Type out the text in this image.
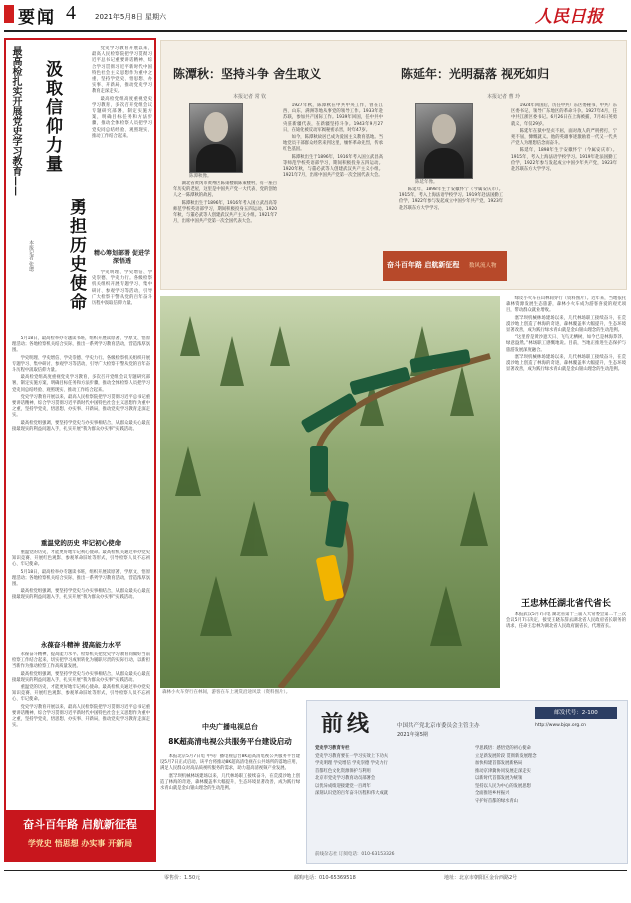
要闻 4	2021年5月8日 星期六	人民日报
最高检扎实开展党史学习教育—— 汲取信仰力量
勇担历史使命
本报记者 张璁

党史学习教育开展以来，最高人民检察院把学习贯彻习近平总书记重要讲话精神、综合学习贯彻习近平新时代中国特色社会主义思想作为重中之重，坚持学党史、悟思想、办实事、开新局，推动党史学习教育走深走实。

最高检党组高度重视党史学习教育，多次召开党组会议专题研究部署，制定实施方案，明确目标任务和方法步骤，推动全体检察人员把学习党史同总结经验、观照现实、推动工作结合起来。

精心筹划部署 促进学深悟透

学史明理、学史增信、学史崇德、学史力行。各级检察机关组织开展专题学习、集中研讨、参观学习等活动，引导广大检察干警从党的百年奋斗历程中汲取信仰力量。

5月18日，最高检举办专题读书班，组织开展读原著、学原文、悟原理活动；各地检察机关结合实际，推出一系列学习教育活动，营造浓厚氛围。

学史明理、学史增信、学史崇德、学史力行。各级检察机关组织开展专题学习、集中研讨、参观学习等活动，引导广大检察干警从党的百年奋斗历程中汲取信仰力量。

最高检党组高度重视党史学习教育，多次召开党组会议专题研究部署，制定实施方案，明确目标任务和方法步骤，推动全体检察人员把学习党史同总结经验、观照现实、推动工作结合起来。

党史学习教育开展以来，最高人民检察院把学习贯彻习近平总书记重要讲话精神、综合学习贯彻习近平新时代中国特色社会主义思想作为重中之重，坚持学党史、悟思想、办实事、开新局，推动党史学习教育走深走实。

最高检党组强调，要坚持学党史与办实事相结合，从群众最关心最直接最现实的利益问题入手，扎实开展“我为群众办实事”实践活动。

重温党的历史 牢记初心使命

重温党的历史，才能更好地牢记初心使命。最高检机关通过举办党史知识竞赛、开展红色观影、参观革命旧址等形式，引导检察人员不忘初心、牢记使命。

5月18日，最高检举办专题读书班，组织开展读原著、学原文、悟原理活动；各地检察机关结合实际，推出一系列学习教育活动，营造浓厚氛围。

最高检党组强调，要坚持学党史与办实事相结合，从群众最关心最直接最现实的利益问题入手，扎实开展“我为群众办实事”实践活动。

永葆奋斗精神 提高能力水平

永葆奋斗精神，提高能力水平。检察机关把党史学习教育同做好当前检察工作结合起来，切实把学习成果转化为履职尽责的实际行动，以新担当新作为推动检察工作高质量发展。

最高检党组强调，要坚持学党史与办实事相结合，从群众最关心最直接最现实的利益问题入手，扎实开展“我为群众办实事”实践活动。

重温党的历史，才能更好地牢记初心使命。最高检机关通过举办党史知识竞赛、开展红色观影、参观革命旧址等形式，引导检察人员不忘初心、牢记使命。

党史学习教育开展以来，最高人民检察院把学习贯彻习近平总书记重要讲话精神、综合学习贯彻习近平新时代中国特色社会主义思想作为重中之重，坚持学党史、悟思想、办实事、开新局，推动党史学习教育走深走实。

奋斗百年路 启航新征程
学党史 悟思想 办实事 开新局
陈潭秋：坚持斗争 舍生取义
本报记者 常 钦
陈潭秋像。

湖北省黄冈市黄州区陈策楼镇陈策楼村，有一座百年历史的老屋，这里是中国共产党一大代表、党的创始人之一陈潭秋的故居。

陈潭秋出生于1896年，1916年考入国立武昌高等师范学校英语部学习，期间积极投身五四运动。1920年秋，与董必武等人创建武汉共产主义小组。1921年7月，出席中国共产党第一次全国代表大会。

1927年秋，陈潭秋在中共中央工作，曾在江西、山东、满洲等地从事党的领导工作。1933年赴苏联，参加共产国际工作。1939年回国，任中共中央驻新疆代表，在新疆坚持斗争。1943年9月27日，在迪化被反动军阀秘密杀害，时年47岁。

如今，陈潭秋故居已成为爱国主义教育基地。当地党员干部群众经常来到这里，缅怀革命先烈，传承红色基因。

陈潭秋出生于1896年，1916年考入国立武昌高等师范学校英语部学习，期间积极投身五四运动。1920年秋，与董必武等人创建武汉共产主义小组。1921年7月，出席中国共产党第一次全国代表大会。

陈延年：光明磊落 视死如归
本报记者 曹 玲
陈延年像。

陈延年，1898年生于安徽怀宁（今属安庆市）。1915年，考入上海法语学校学习。1919年赴法国勤工俭学，1922年参与发起成立中国少年共产党，1923年赴苏联东方大学学习。

1924年回国后，历任中共广东区委秘书、中共广东区委书记，领导广东地区的革命斗争。1927年4月，任中共江浙区委书记。6月26日在上海被捕，7月4日英勇就义，年仅29岁。

陈延年在狱中坚贞不屈，面对敌人的严刑拷打，宁死不屈，慷慨就义。他的英雄事迹激励着一代又一代共产党人为理想信念而奋斗。

陈延年，1898年生于安徽怀宁（今属安庆市）。1915年，考入上海法语学校学习。1919年赴法国勤工俭学，1922年参与发起成立中国少年共产党，1923年赴苏联东方大学学习。

奋斗百年路 启航新征程 数风流人物
森林小火车穿行在林间，游客在车上观赏沿途风景（资料图片）。

绿皮小火车在山林间穿行（资料图片）。近年来，当地依托森林资源发展生态旅游，森林小火车成为游客喜爱的观光项目，带动群众就业增收。

塞罕坝机械林场建场以来，几代林场职工接续奋斗，在荒漠沙地上创造了林海的奇迹，森林覆盖率大幅提升，生态环境显著改善，成为践行绿水青山就是金山银山理念的生动范例。

“这里曾是黄沙遮天日、飞鸟无栖树，如今已是林海莽莽、绿意盎然。”林场职工感慨地说。目前，当地正推进生态保护与旅游发展深度融合。

塞罕坝机械林场建场以来，几代林场职工接续奋斗，在荒漠沙地上创造了林海的奇迹，森林覆盖率大幅提升，生态环境显著改善，成为践行绿水青山就是金山银山理念的生动范例。

王忠林任湖北省代省长

本报武汉5月7日电 湖北省第十三届人大常委会第二十三次会议5月7日决定，接受王晓东辞去湖北省人民政府省长职务的请求，任命王忠林为湖北省人民政府副省长、代理省长。

中央广播电视总台
8K超高清电视公共服务平台建设启动

本报北京5月7日电 中央广播电视总台8K超高清电视公共服务平台建设5月7日正式启动。该平台将推动8K超高清电视在公共场所的落地应用，满足人民群众对高品质视听服务的需求，助力超高清视频产业发展。

塞罕坝机械林场建场以来，几代林场职工接续奋斗，在荒漠沙地上创造了林海的奇迹，森林覆盖率大幅提升，生态环境显著改善，成为践行绿水青山就是金山银山理念的生动范例。

前线	中国共产党北京市委员会主管主办
2021年第5期
邮发代号：2-100
http://www.bjqx.org.cn
党史学习教育专栏
党史学习教育要在一学习实效上下功夫
学史明理 学史增信 学史崇德 学史力行
首都红色文化资源保护与利用
北京市党史学习教育动员部署会
以优异成绩迎接建党一百周年
深刻认识党的百年奋斗历程和伟大成就
学思践悟：感悟党的初心使命
立足新发展阶段 贯彻新发展理念
加快构建首都发展新格局
推动京津冀协同发展走深走实
以新时代首都发展为统领
坚持以人民为中心的发展思想
全面推进乡村振兴
守护好首都的绿水青山
前线杂志社 订阅电话：010-63153326
零售价：1.50元	邮购电话：010-65369518	地址：北京市朝阳区金台西路2号
